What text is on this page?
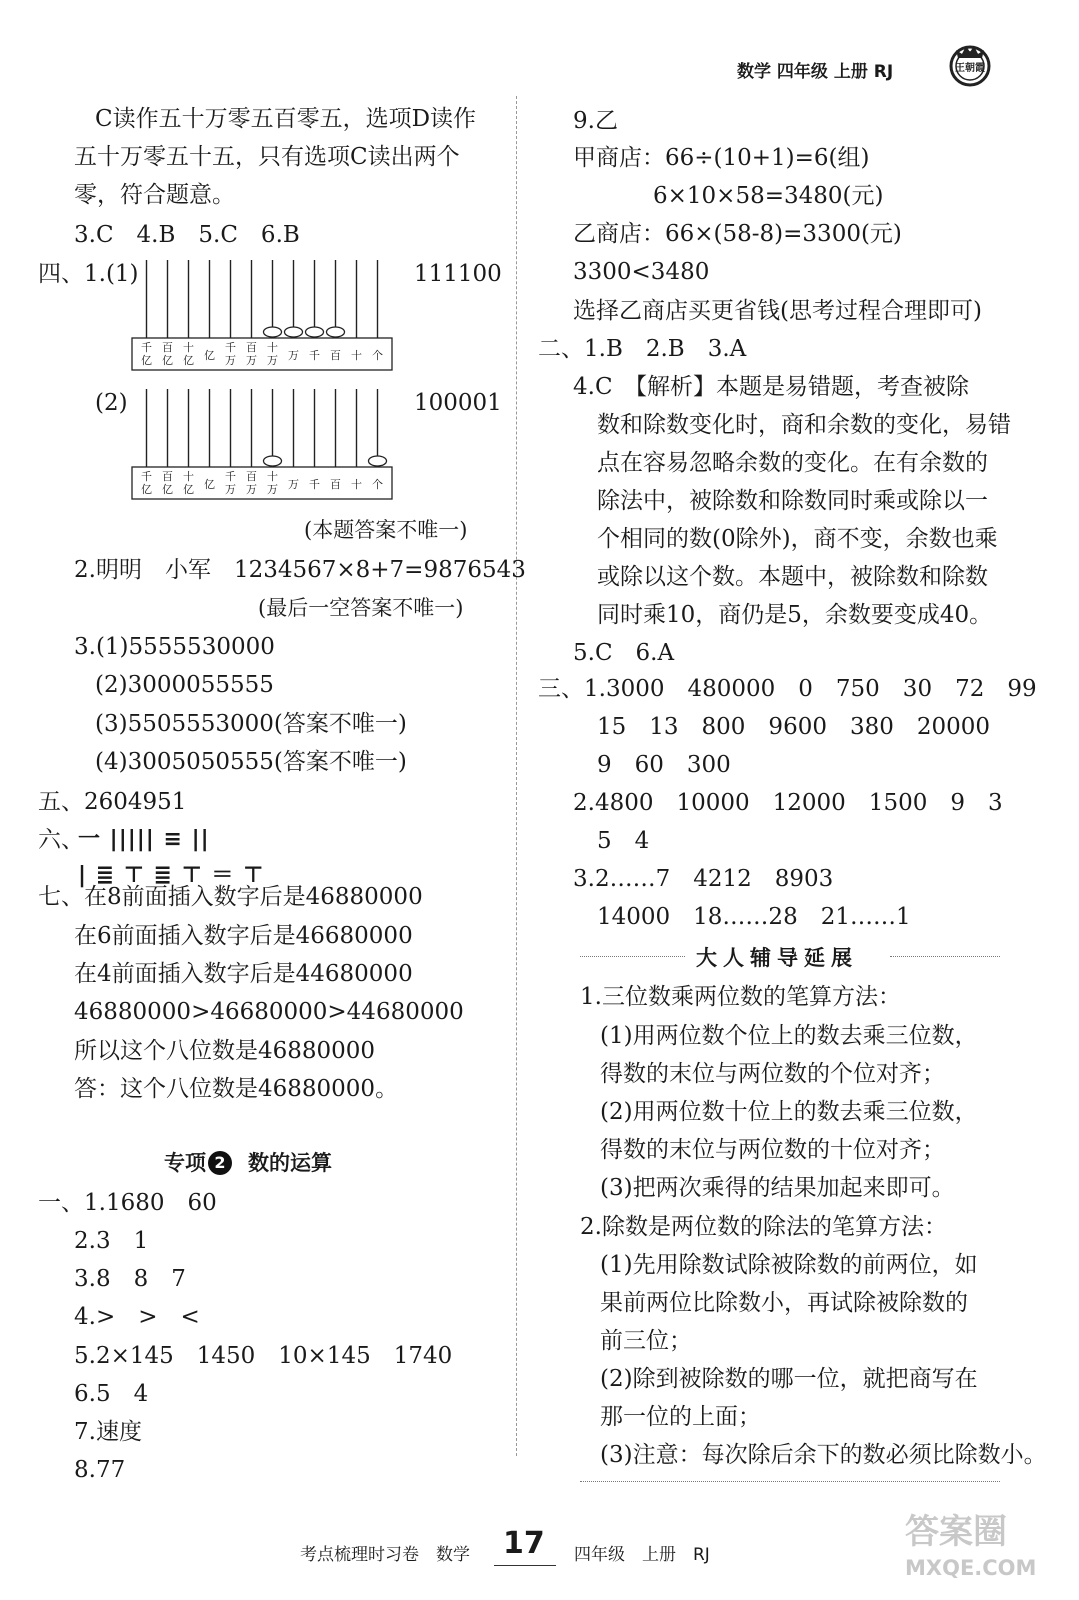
数学 四年级 上册 RJ	王朝霞
C读作五十万零五百零五，选项D读作
五十万零五十五，只有选项C读出两个
零，符合题意。
3.C　4.B　5.C　6.B
四、1.(1)	111100
千
亿
百
亿
十
亿 亿
千
万
百
万
十
万 万 千 百 十 个
(2)	100001
千
亿
百
亿
十
亿 亿
千
万
百
万
十
万 万 千 百 十 个
(本题答案不唯一)
2.明明　小军　1234567×8+7=9876543
(最后一空答案不唯一)
3.(1)5555530000
(2)3000055555
(3)5505553000(答案不唯一)
(4)3005050555(答案不唯一)
五、2604951
六、
一 ||||| ≡ ||
| ≣ ⊤ ≣ ⊤ ＝ ⊤
七、在8前面插入数字后是46880000
在6前面插入数字后是46680000
在4前面插入数字后是44680000
46880000>46680000>44680000
所以这个八位数是46880000
答：这个八位数是46880000。
专项 2 数的运算
一、1.1680　60
2.3　1
3.8　8　7
4.>　>　<
5.2×145　1450　10×145　1740
6.5　4
7.速度
8.77
9.乙
甲商店：66÷(10+1)=6(组)
6×10×58=3480(元)
乙商店：66×(58-8)=3300(元)
3300<3480
选择乙商店买更省钱(思考过程合理即可)
二、1.B　2.B　3.A
4.C　【解析】本题是易错题，考查被除
数和除数变化时，商和余数的变化，易错
点在容易忽略余数的变化。在有余数的
除法中，被除数和除数同时乘或除以一
个相同的数(0除外)，商不变，余数也乘
或除以这个数。本题中，被除数和除数
同时乘10，商仍是5，余数要变成40。
5.C　6.A
三、1.3000　480000　0　750　30　72　99
15　13　800　9600　380　20000
9　60　300
2.4800　10000　12000　1500　9　3
5　4
3.2……7　4212　8903
14000　18……28　21……1
大人辅导延展
1.三位数乘两位数的笔算方法：
(1)用两位数个位上的数去乘三位数，
得数的末位与两位数的个位对齐；
(2)用两位数十位上的数去乘三位数，
得数的末位与两位数的十位对齐；
(3)把两次乘得的结果加起来即可。
2.除数是两位数的除法的笔算方法：
(1)先用除数试除被除数的前两位，如
果前两位比除数小，再试除被除数的
前三位；
(2)除到被除数的哪一位，就把商写在
那一位的上面；
(3)注意：每次除后余下的数必须比除数小。
考点梳理时习卷　数学 17 四年级　上册　RJ
答案圈
MXQE.COM
